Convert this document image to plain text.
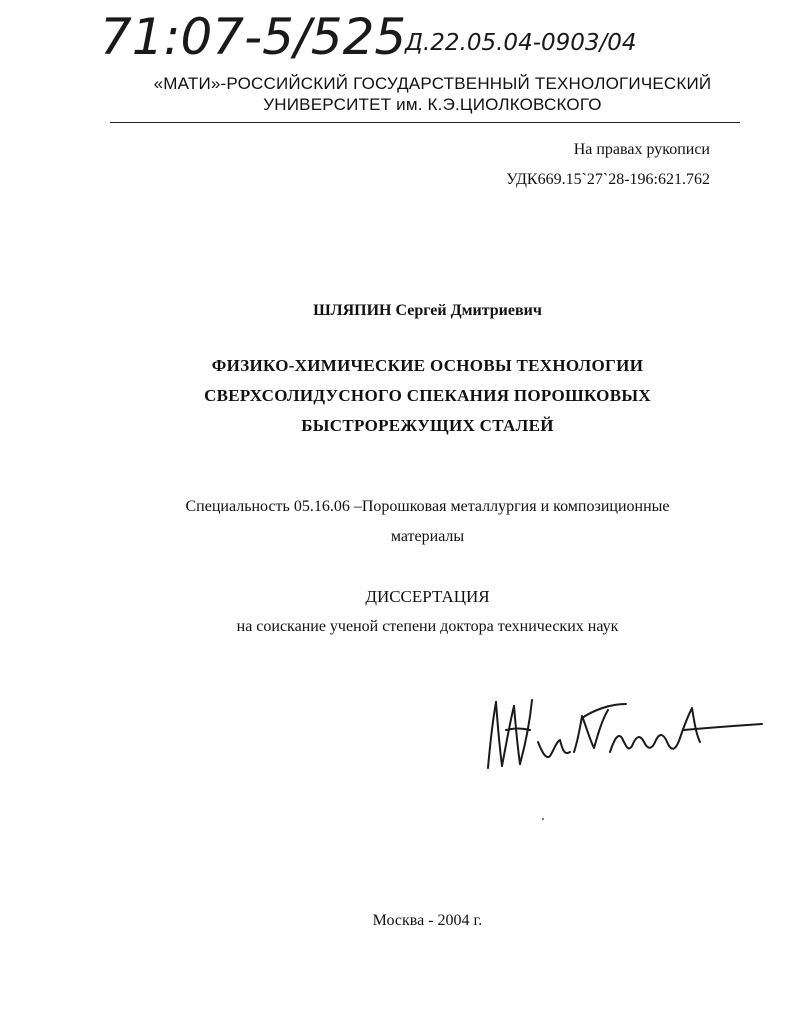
71:07-5/525
Д.22.05.04-0903/04
«МАТИ»-РОССИЙСКИЙ ГОСУДАРСТВЕННЫЙ ТЕХНОЛОГИЧЕСКИЙ
УНИВЕРСИТЕТ им. К.Э.ЦИОЛКОВСКОГО
На правах рукописи
УДК669.15`27`28-196:621.762
ШЛЯПИН Сергей Дмитриевич
ФИЗИКО-ХИМИЧЕСКИЕ ОСНОВЫ ТЕХНОЛОГИИ
СВЕРХСОЛИДУСНОГО СПЕКАНИЯ ПОРОШКОВЫХ
БЫСТРОРЕЖУЩИХ СТАЛЕЙ
Специальность 05.16.06 –Порошковая металлургия и композиционные
материалы
ДИССЕРТАЦИЯ
на соискание ученой степени доктора технических наук
Москва - 2004 г.
